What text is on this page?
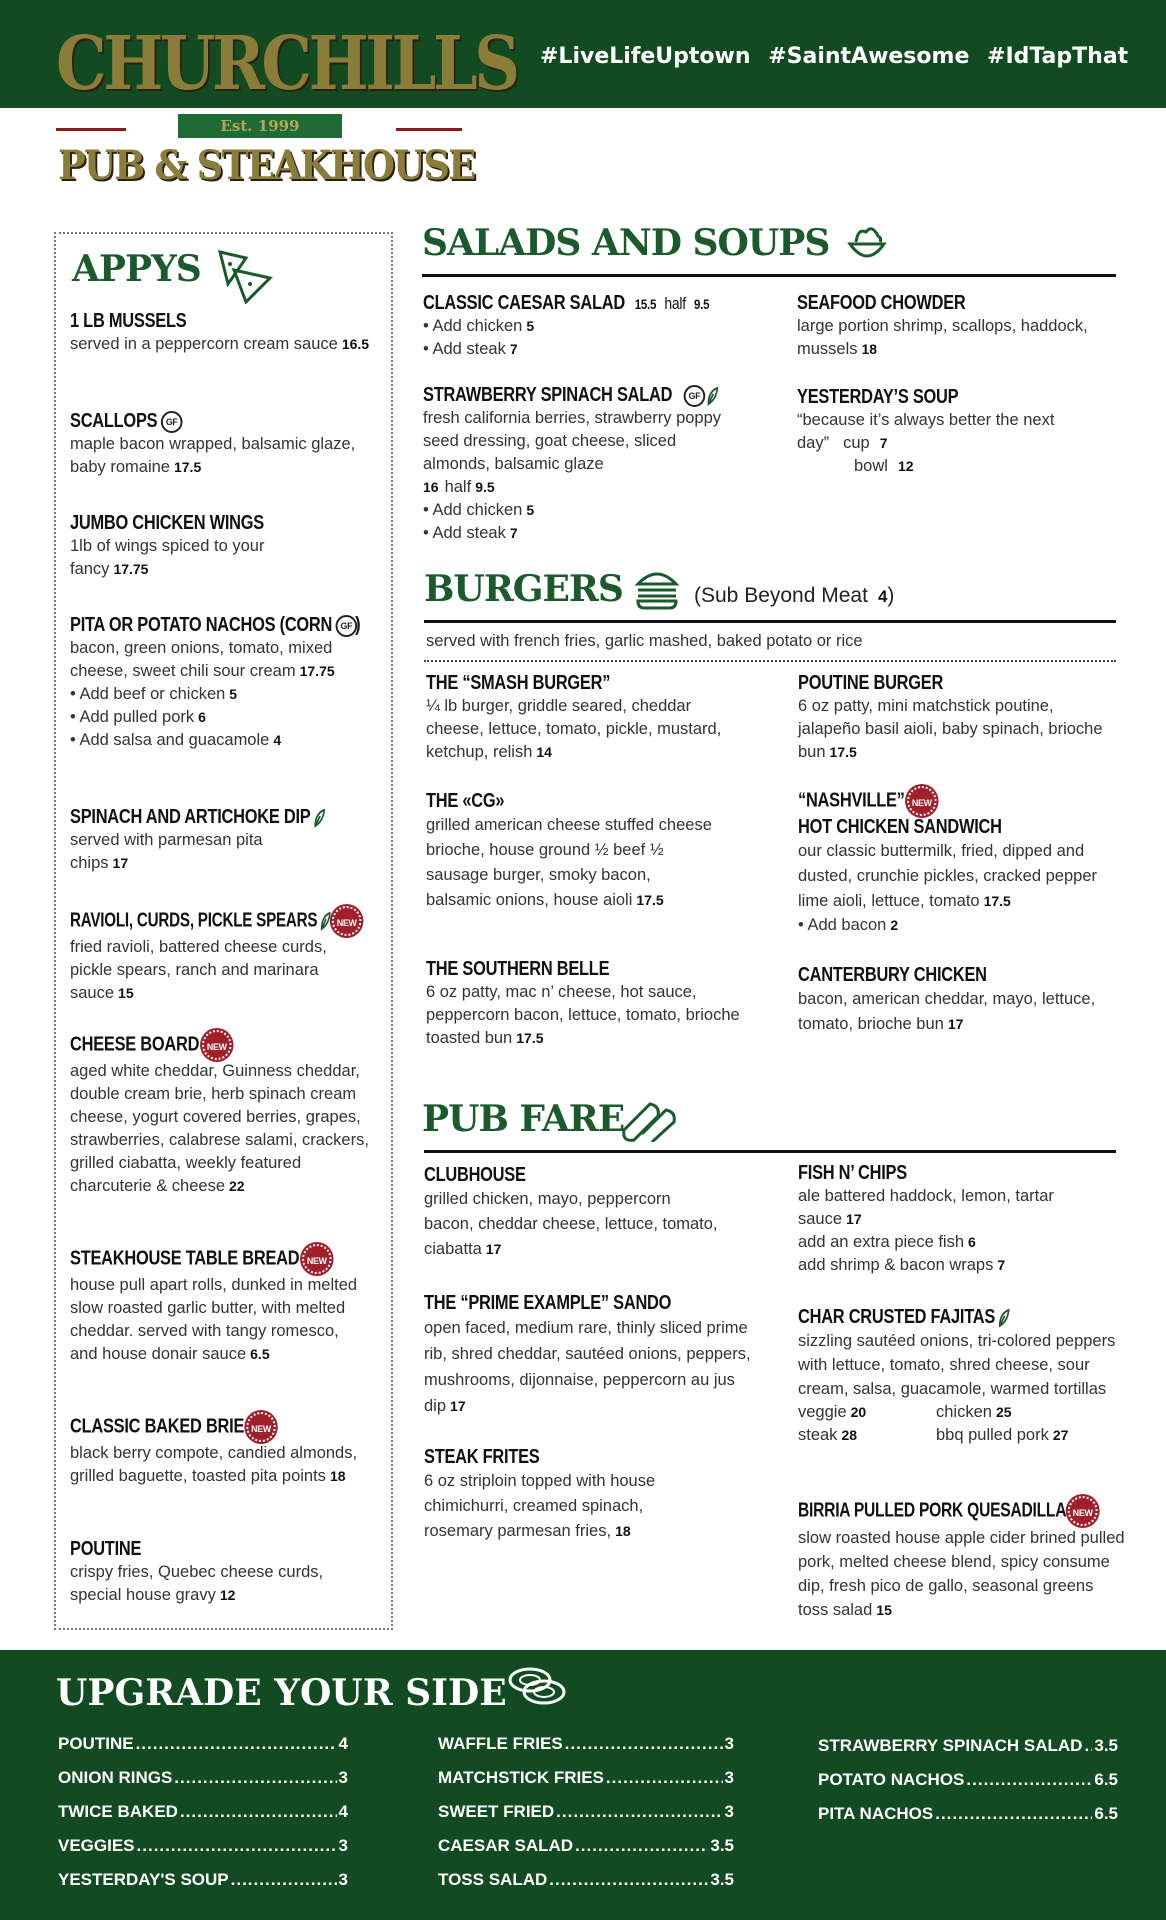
#LiveLifeUptown #SaintAwesome #IdTapThat
CHURCHILLS
Est. 1999
PUB & STEAKHOUSE
APPYS
1 LB MUSSELS
served in a peppercorn cream sauce 16.5
SCALLOPS GF
maple bacon wrapped, balsamic glaze, baby romaine 17.5
JUMBO CHICKEN WINGS
1lb of wings spiced to your fancy 17.75
PITA OR POTATO NACHOS (CORN GF )
bacon, green onions, tomato, mixed cheese, sweet chili sour cream 17.75
• Add beef or chicken 5
• Add pulled pork 6
• Add salsa and guacamole 4
SPINACH AND ARTICHOKE DIP
served with parmesan pita chips 17
RAVIOLI, CURDS, PICKLE SPEARS NEW
fried ravioli, battered cheese curds, pickle spears, ranch and marinara sauce 15
CHEESE BOARD NEW
aged white cheddar, Guinness cheddar, double cream brie, herb spinach cream cheese, yogurt covered berries, grapes, strawberries, calabrese salami, crackers, grilled ciabatta, weekly featured charcuterie & cheese 22
STEAKHOUSE TABLE BREAD NEW
house pull apart rolls, dunked in melted slow roasted garlic butter, with melted cheddar. served with tangy romesco, and house donair sauce 6.5
CLASSIC BAKED BRIE NEW
black berry compote, candied almonds, grilled baguette, toasted pita points 18
POUTINE
crispy fries, Quebec cheese curds, special house gravy 12
SALADS AND SOUPS
CLASSIC CAESAR SALAD 15.5 half 9.5
• Add chicken 5
• Add steak 7
STRAWBERRY SPINACH SALAD GF
fresh california berries, strawberry poppy seed dressing, goat cheese, sliced almonds, balsamic glaze
16 half 9.5
• Add chicken 5
• Add steak 7
SEAFOOD CHOWDER
large portion shrimp, scallops, haddock, mussels 18
YESTERDAY’S SOUP
“because it’s always better the next day” cup 7
bowl 12
BURGERS	(Sub Beyond Meat 4)
served with french fries, garlic mashed, baked potato or rice
THE “SMASH BURGER”
¼ lb burger, griddle seared, cheddar cheese, lettuce, tomato, pickle, mustard, ketchup, relish 14
THE «CG»
grilled american cheese stuffed cheese brioche, house ground ½ beef ½ sausage burger, smoky bacon, balsamic onions, house aioli 17.5
THE SOUTHERN BELLE
6 oz patty, mac n’ cheese, hot sauce, peppercorn bacon, lettuce, tomato, brioche toasted bun 17.5
POUTINE BURGER
6 oz patty, mini matchstick poutine, jalapeño basil aioli, baby spinach, brioche bun 17.5
“NASHVILLE” NEW
HOT CHICKEN SANDWICH
our classic buttermilk, fried, dipped and dusted, crunchie pickles, cracked pepper lime aioli, lettuce, tomato 17.5
• Add bacon 2
CANTERBURY CHICKEN
bacon, american cheddar, mayo, lettuce, tomato, brioche bun 17
PUB FARE
CLUBHOUSE
grilled chicken, mayo, peppercorn bacon, cheddar cheese, lettuce, tomato, ciabatta 17
THE “PRIME EXAMPLE” SANDO
open faced, medium rare, thinly sliced prime rib, shred cheddar, sautéed onions, peppers, mushrooms, dijonnaise, peppercorn au jus dip 17
STEAK FRITES
6 oz striploin topped with house chimichurri, creamed spinach, rosemary parmesan fries, 18
FISH N’ CHIPS
ale battered haddock, lemon, tartar sauce 17
add an extra piece fish 6
add shrimp & bacon wraps 7
CHAR CRUSTED FAJITAS
sizzling sautéed onions, tri-colored peppers with lettuce, tomato, shred cheese, sour cream, salsa, guacamole, warmed tortillas
veggie 20	chicken 25
steak 28	bbq pulled pork 27
BIRRIA PULLED PORK QUESADILLA NEW
slow roasted house apple cider brined pulled pork, melted cheese blend, spicy consume dip, fresh pico de gallo, seasonal greens toss salad 15
UPGRADE YOUR SIDE
POUTINE .....	4
ONION RINGS .....	3
TWICE BAKED .....	4
VEGGIES .....	3
YESTERDAY'S SOUP .....	3
WAFFLE FRIES .....	3
MATCHSTICK FRIES .....	3
SWEET FRIED .....	3
CAESAR SALAD .....	3.5
TOSS SALAD .....	3.5
STRAWBERRY SPINACH SALAD ..... 3.5
POTATO NACHOS .....	6.5
PITA NACHOS .....	6.5
